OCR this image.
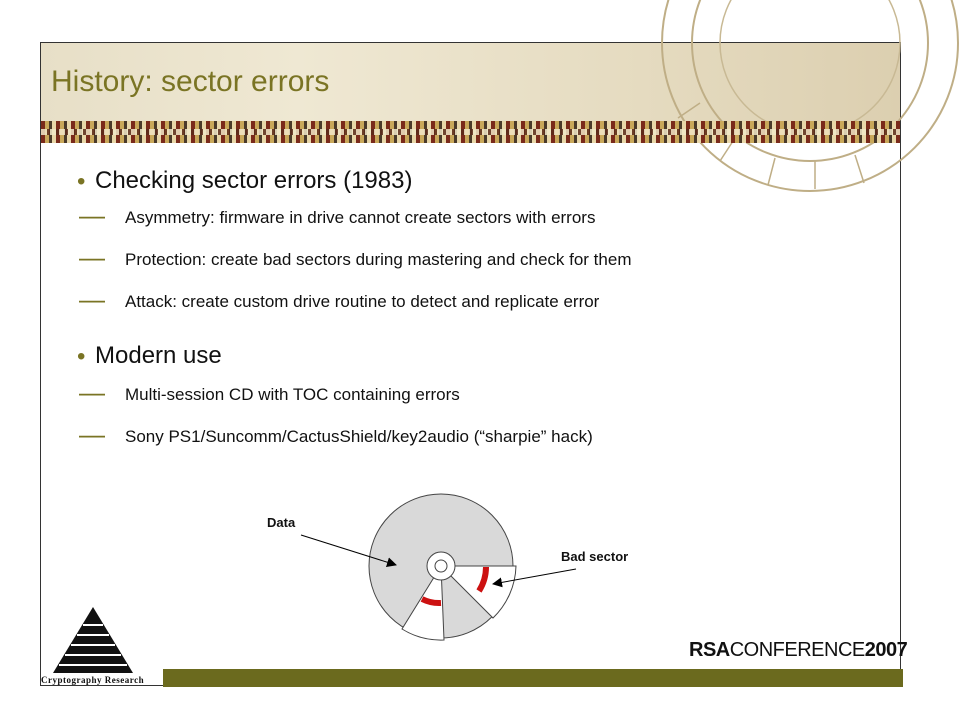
History: sector errors
• Checking sector errors (1983)
— Asymmetry: firmware in drive cannot create sectors with errors
— Protection: create bad sectors during mastering and check for them
— Attack: create custom drive routine to detect and replicate error
• Modern use
— Multi-session CD with TOC containing errors
— Sony PS1/Suncomm/CactusShield/key2audio (“sharpie” hack)
Data
Bad sector
RSACONFERENCE2007
Cryptography Research
